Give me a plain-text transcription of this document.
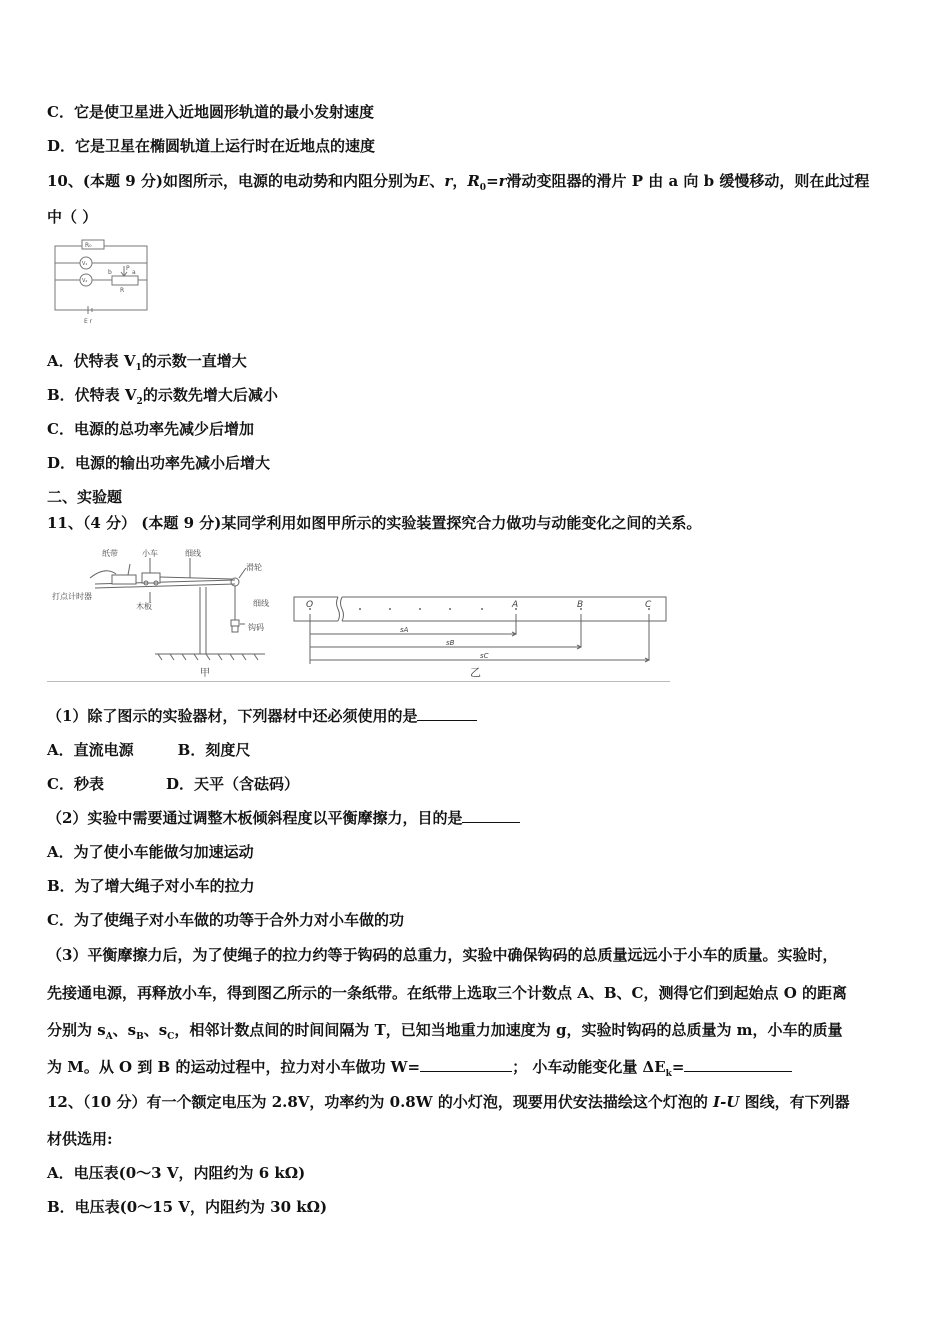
C．它是使卫星进入近地圆形轨道的最小发射速度
D．它是卫星在椭圆轨道上运行时在近地点的速度
10、(本题 9 分)如图所示，电源的电动势和内阻分别为E、r，$R_0=r$滑动变阻器的滑片 P 由 a 向 b 缓慢移动，则在此过程
中（ ）
R₀
V₁
V₂
P
a
b
R
E r
A．伏特表 $V_1$的示数一直增大
B．伏特表 $V_2$的示数先增大后减小
C．电源的总功率先减少后增加
D．电源的输出功率先减小后增大
二、实验题
11、（4 分） (本题 9 分)某同学利用如图甲所示的实验装置探究合力做功与动能变化之间的关系。
纸带	小车	细线
打点计时器
滑轮
木板	细线
钩码
甲
O	A	B	C
sA
sB
sC
乙
（1）除了图示的实验器材，下列器材中还必须使用的是
A．直流电源	B．刻度尺
C．秒表	D．天平（含砝码）
（2）实验中需要通过调整木板倾斜程度以平衡摩擦力，目的是
A．为了使小车能做匀加速运动
B．为了增大绳子对小车的拉力
C．为了使绳子对小车做的功等于合外力对小车做的功
（3）平衡摩擦力后，为了使绳子的拉力约等于钩码的总重力，实验中确保钩码的总质量远远小于小车的质量。实验时，
先接通电源，再释放小车，得到图乙所示的一条纸带。在纸带上选取三个计数点 A、B、C，测得它们到起始点 O 的距离
分别为 $s_A$、$s_B$、$s_C$，相邻计数点间的时间间隔为 T，已知当地重力加速度为 g，实验时钩码的总质量为 m，小车的质量
为 M。从 O 到 B 的运动过程中，拉力对小车做功 W=	； 小车动能变化量 $\Delta E_k=$
12、（10 分）有一个额定电压为 2.8V，功率约为 0.8W 的小灯泡，现要用伏安法描绘这个灯泡的 I-U 图线，有下列器
材供选用:
A．电压表(0～3 V，内阻约为 6 kΩ)
B．电压表(0～15 V，内阻约为 30 kΩ)
